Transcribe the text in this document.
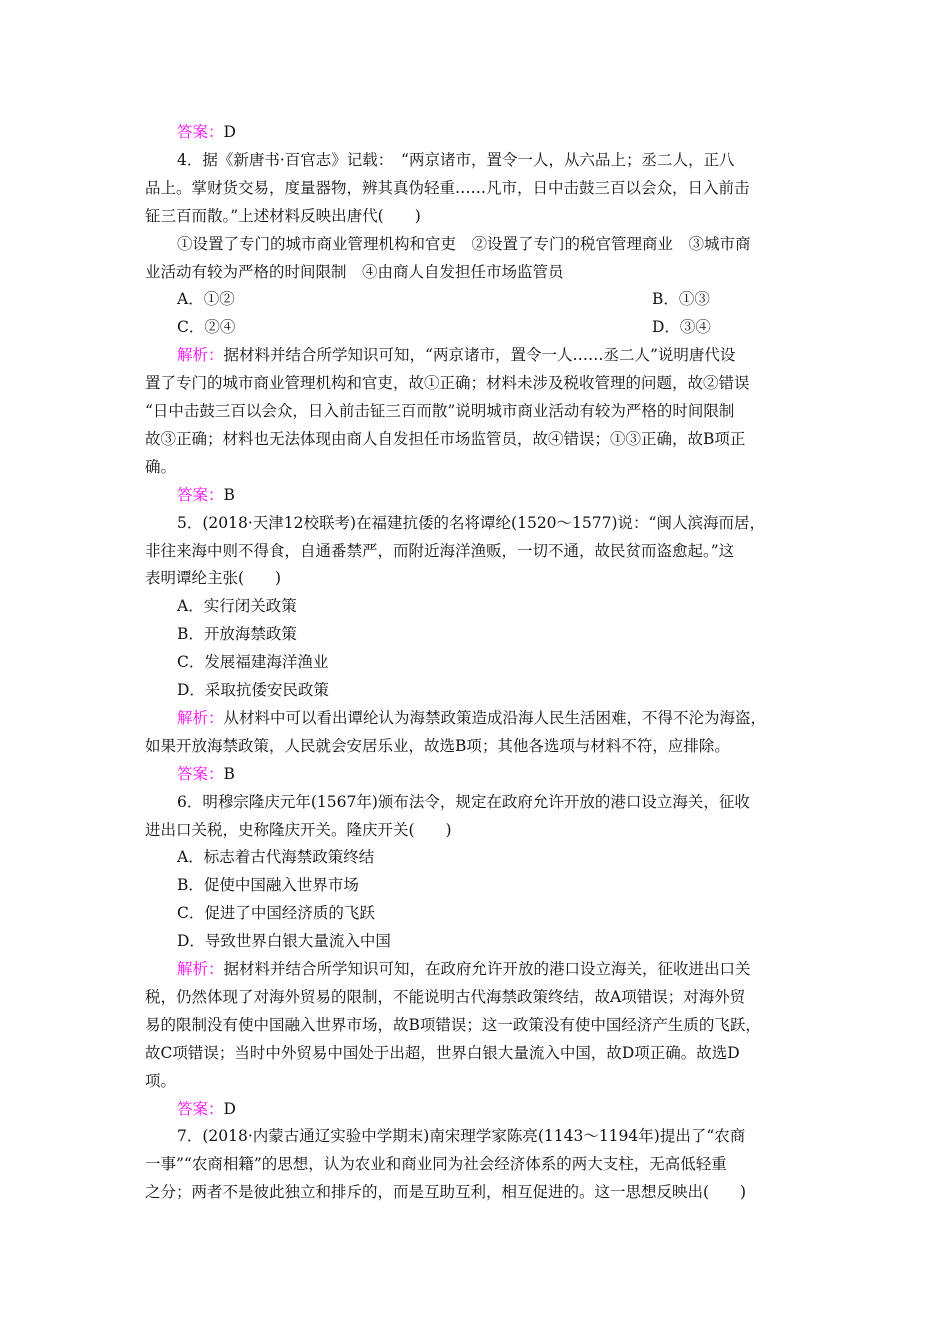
答案：D
4．据《新唐书·百官志》记载：　“两京诸市，置令一人，从六品上；丞二人，正八
品上。掌财货交易，度量器物，辨其真伪轻重……凡市，日中击鼓三百以会众，日入前击
钲三百而散。”上述材料反映出唐代(　　)
①设置了专门的城市商业管理机构和官吏　②设置了专门的税官管理商业　③城市商
业活动有较为严格的时间限制　④由商人自发担任市场监管员
A．①②	B．①③
C．②④	D．③④
解析：据材料并结合所学知识可知，“两京诸市，置令一人……丞二人”说明唐代设
置了专门的城市商业管理机构和官吏，故①正确；材料未涉及税收管理的问题，故②错误
“日中击鼓三百以会众，日入前击钲三百而散”说明城市商业活动有较为严格的时间限制
故③正确；材料也无法体现由商人自发担任市场监管员，故④错误；①③正确，故B项正
确。
答案：B
5．(2018·天津12校联考)在福建抗倭的名将谭纶(1520～1577)说：“闽人滨海而居，
非往来海中则不得食，自通番禁严，而附近海洋渔贩，一切不通，故民贫而盗愈起。”这
表明谭纶主张(　　)
A．实行闭关政策
B．开放海禁政策
C．发展福建海洋渔业
D．采取抗倭安民政策
解析：从材料中可以看出谭纶认为海禁政策造成沿海人民生活困难，不得不沦为海盗，
如果开放海禁政策，人民就会安居乐业，故选B项；其他各选项与材料不符，应排除。
答案：B
6．明穆宗隆庆元年(1567年)颁布法令，规定在政府允许开放的港口设立海关，征收
进出口关税，史称隆庆开关。隆庆开关(　　)
A．标志着古代海禁政策终结
B．促使中国融入世界市场
C．促进了中国经济质的飞跃
D．导致世界白银大量流入中国
解析：据材料并结合所学知识可知，在政府允许开放的港口设立海关，征收进出口关
税，仍然体现了对海外贸易的限制，不能说明古代海禁政策终结，故A项错误；对海外贸
易的限制没有使中国融入世界市场，故B项错误；这一政策没有使中国经济产生质的飞跃，
故C项错误；当时中外贸易中国处于出超，世界白银大量流入中国，故D项正确。故选D
项。
答案：D
7．(2018·内蒙古通辽实验中学期末)南宋理学家陈亮(1143～1194年)提出了“农商
一事”“农商相籍”的思想，认为农业和商业同为社会经济体系的两大支柱，无高低轻重
之分；两者不是彼此独立和排斥的，而是互助互利，相互促进的。这一思想反映出(　　)
